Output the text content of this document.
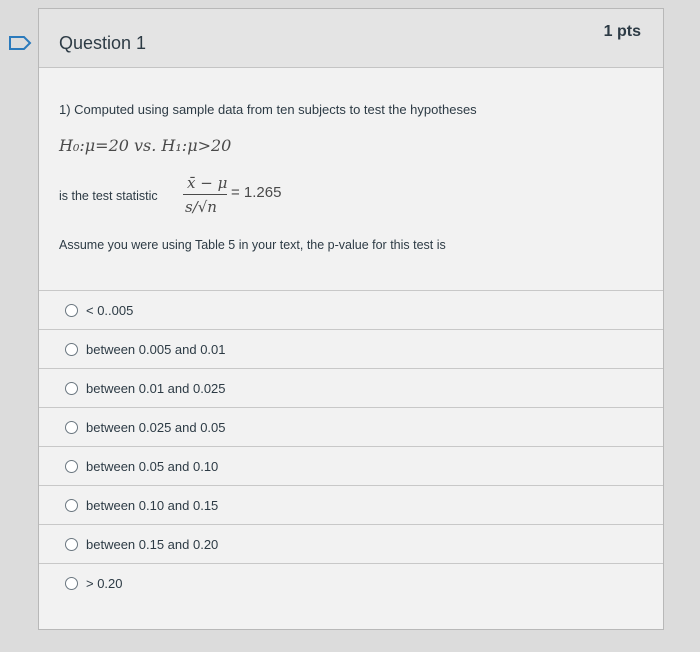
Question 1
1 pts
1) Computed using sample data from ten subjects to test the hypotheses
H₀:μ=20 vs. H₁:μ>20
is the test statistic
x̄ − μ
s/√n
= 1.265
Assume you were using Table 5 in your text, the p-value for this test is
< 0..005
between 0.005 and 0.01
between 0.01 and 0.025
between 0.025 and 0.05
between 0.05 and 0.10
between 0.10 and 0.15
between 0.15 and 0.20
> 0.20
